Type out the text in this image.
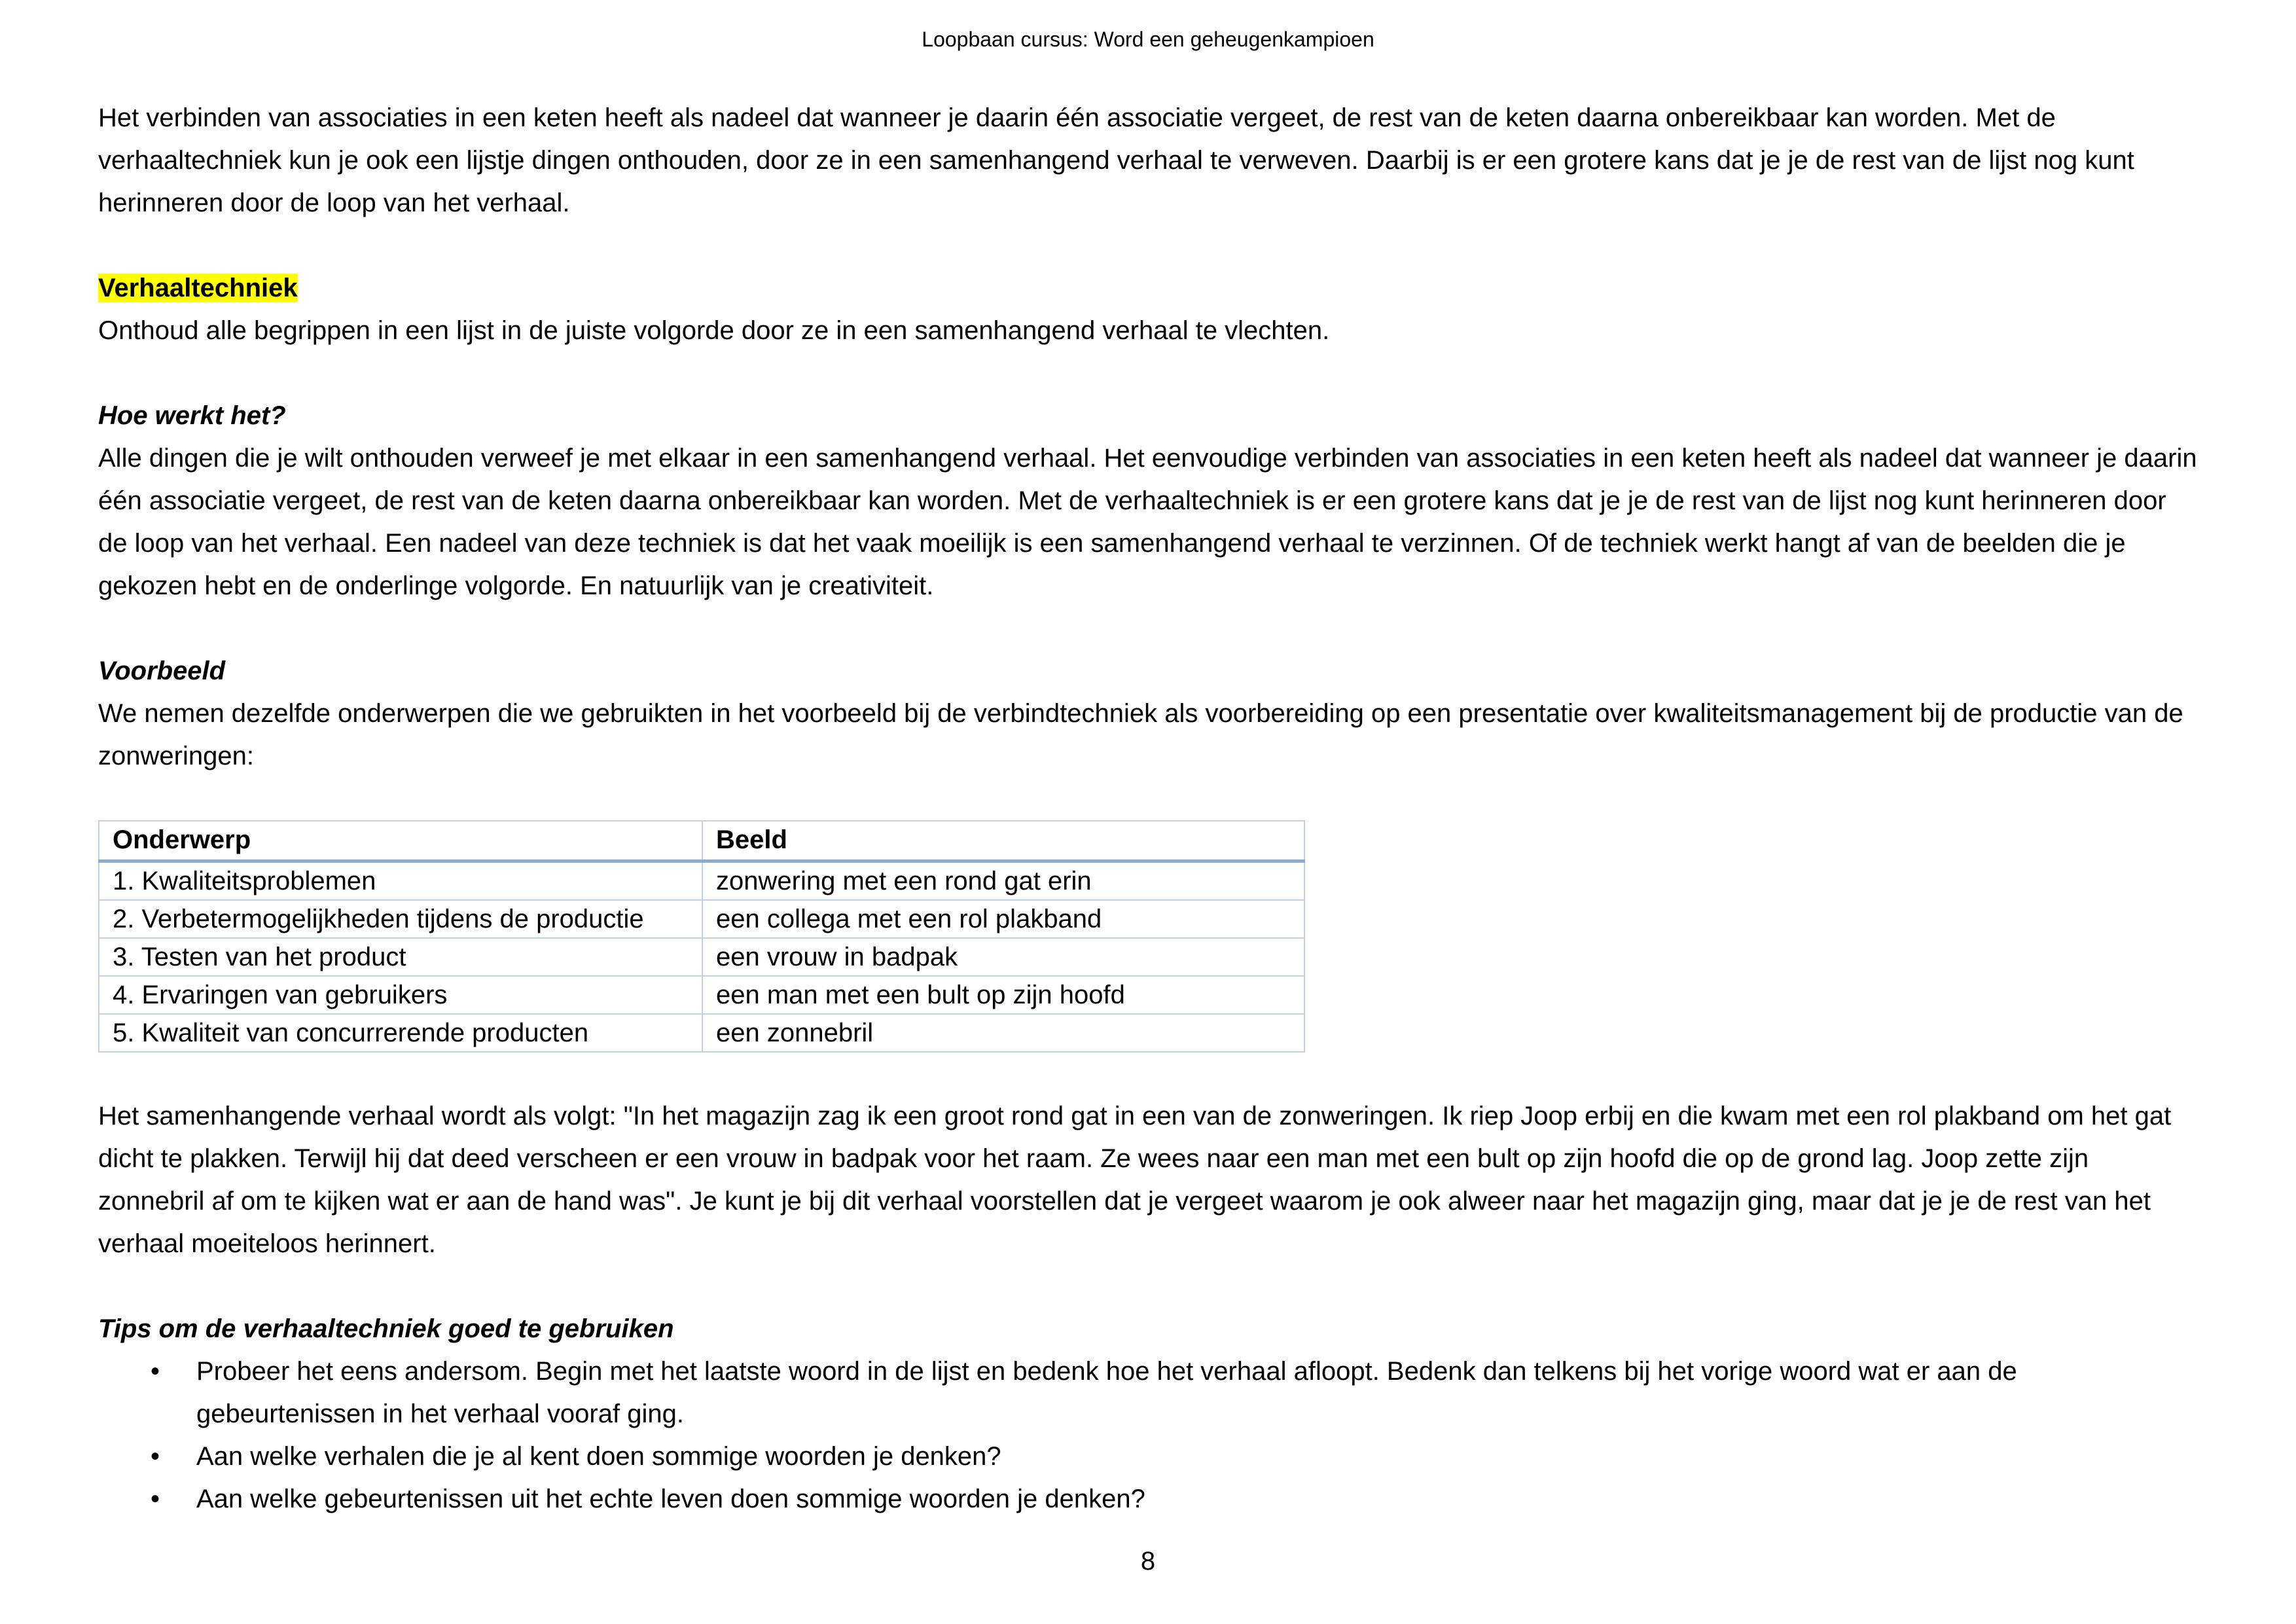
Loopbaan cursus: Word een geheugenkampioen

Het verbinden van associaties in een keten heeft als nadeel dat wanneer je daarin één associatie vergeet, de rest van de keten daarna onbereikbaar kan worden. Met de verhaaltechniek kun je ook een lijstje dingen onthouden, door ze in een samenhangend verhaal te verweven. Daarbij is er een grotere kans dat je je de rest van de lijst nog kunt herinneren door de loop van het verhaal.

Verhaaltechniek

Onthoud alle begrippen in een lijst in de juiste volgorde door ze in een samenhangend verhaal te vlechten.

Hoe werkt het?

Alle dingen die je wilt onthouden verweef je met elkaar in een samenhangend verhaal. Het eenvoudige verbinden van associaties in een keten heeft als nadeel dat wanneer je daarin één associatie vergeet, de rest van de keten daarna onbereikbaar kan worden. Met de verhaaltechniek is er een grotere kans dat je je de rest van de lijst nog kunt herinneren door de loop van het verhaal. Een nadeel van deze techniek is dat het vaak moeilijk is een samenhangend verhaal te verzinnen. Of de techniek werkt hangt af van de beelden die je gekozen hebt en de onderlinge volgorde. En natuurlijk van je creativiteit.

Voorbeeld

We nemen dezelfde onderwerpen die we gebruikten in het voorbeeld bij de verbindtechniek als voorbereiding op een presentatie over kwaliteitsmanagement bij de productie van de zonweringen:

Onderwerp	Beeld
1. Kwaliteitsproblemen	zonwering met een rond gat erin
2. Verbetermogelijkheden tijdens de productie	een collega met een rol plakband
3. Testen van het product	een vrouw in badpak
4. Ervaringen van gebruikers	een man met een bult op zijn hoofd
5. Kwaliteit van concurrerende producten	een zonnebril

Het samenhangende verhaal wordt als volgt: "In het magazijn zag ik een groot rond gat in een van de zonweringen. Ik riep Joop erbij en die kwam met een rol plakband om het gat dicht te plakken. Terwijl hij dat deed verscheen er een vrouw in badpak voor het raam. Ze wees naar een man met een bult op zijn hoofd die op de grond lag. Joop zette zijn zonnebril af om te kijken wat er aan de hand was". Je kunt je bij dit verhaal voorstellen dat je vergeet waarom je ook alweer naar het magazijn ging, maar dat je je de rest van het verhaal moeiteloos herinnert.

Tips om de verhaaltechniek goed te gebruiken

• Probeer het eens andersom. Begin met het laatste woord in de lijst en bedenk hoe het verhaal afloopt. Bedenk dan telkens bij het vorige woord wat er aan de gebeurtenissen in het verhaal vooraf ging.
• Aan welke verhalen die je al kent doen sommige woorden je denken?
• Aan welke gebeurtenissen uit het echte leven doen sommige woorden je denken?
8
